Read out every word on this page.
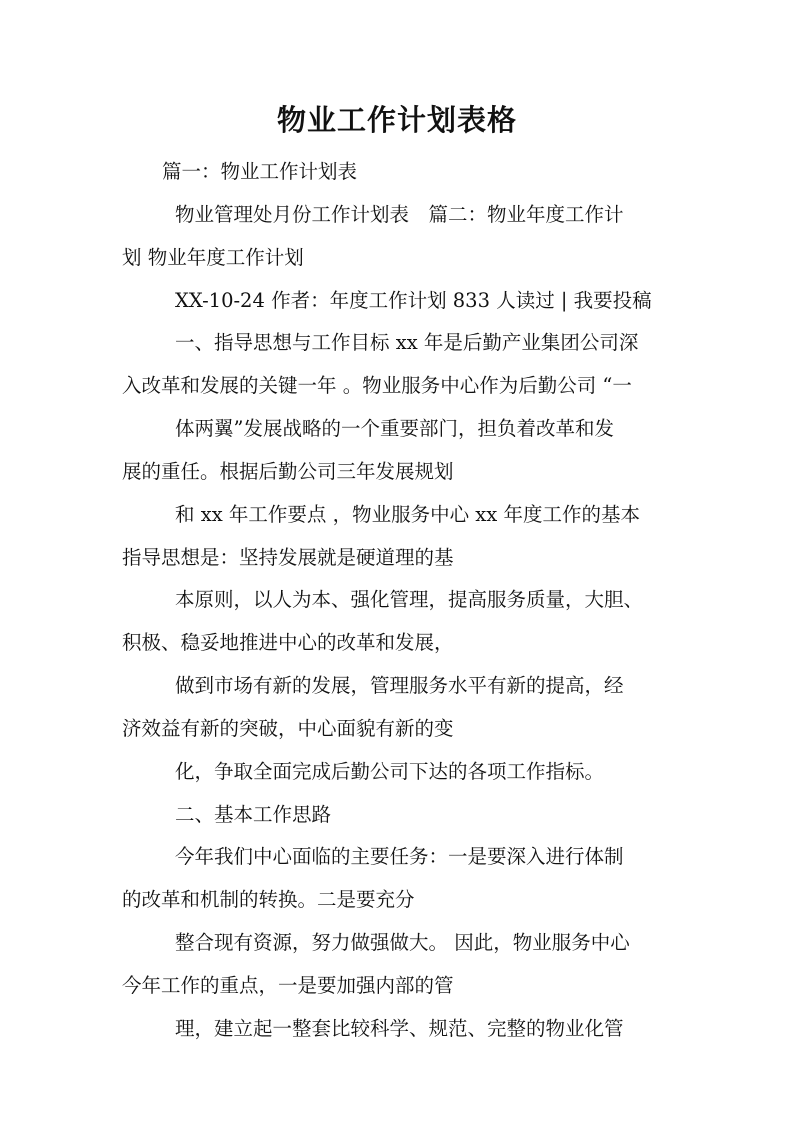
物业工作计划表格
篇一：物业工作计划表
物业管理处月份工作计划表　篇二：物业年度工作计
划 物业年度工作计划
XX-10-24 作者：年度工作计划 833 人读过 | 我要投稿
一、指导思想与工作目标 xx 年是后勤产业集团公司深
入改革和发展的关键一年 。物业服务中心作为后勤公司 “一
体两翼”发展战略的一个重要部门，担负着改革和发
展的重任。根据后勤公司三年发展规划
和 xx 年工作要点 ，物业服务中心 xx 年度工作的基本
指导思想是：坚持发展就是硬道理的基
本原则，以人为本、强化管理，提高服务质量，大胆、
积极、稳妥地推进中心的改革和发展，
做到市场有新的发展，管理服务水平有新的提高，经
济效益有新的突破，中心面貌有新的变
化，争取全面完成后勤公司下达的各项工作指标。
二、基本工作思路
今年我们中心面临的主要任务：一是要深入进行体制
的改革和机制的转换。二是要充分
整合现有资源，努力做强做大。 因此，物业服务中心
今年工作的重点，一是要加强内部的管
理，建立起一整套比较科学、规范、完整的物业化管
